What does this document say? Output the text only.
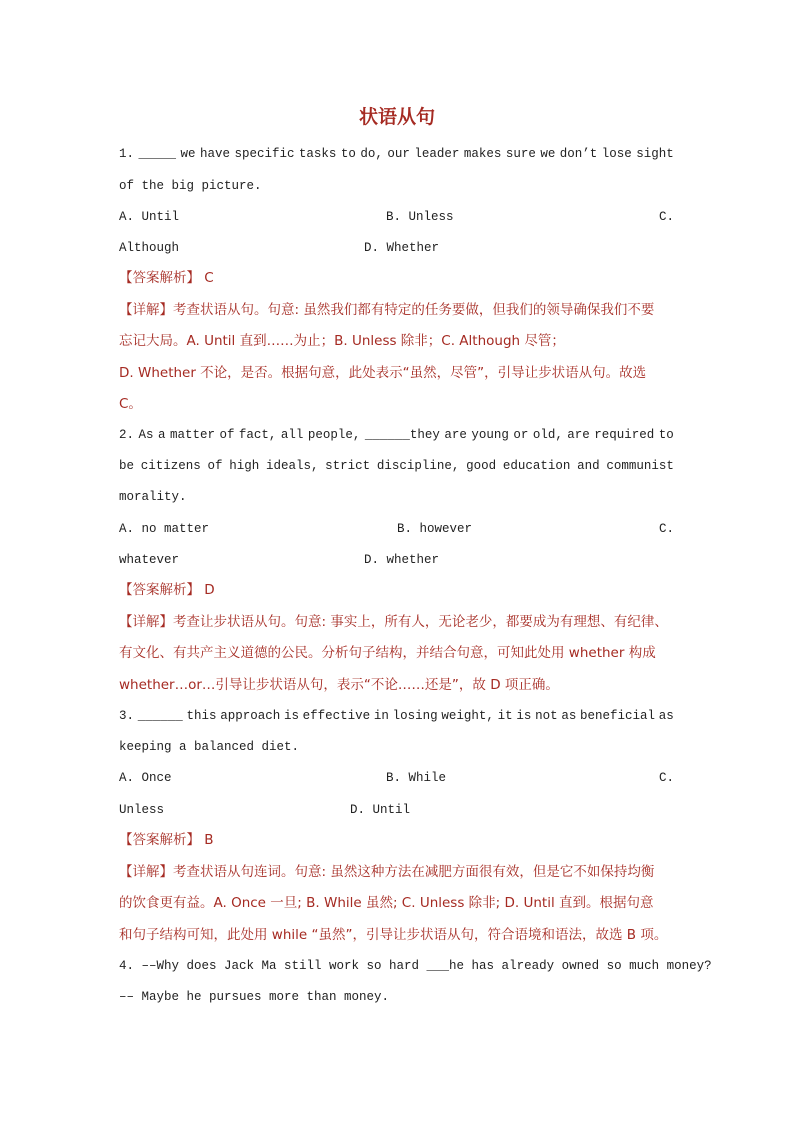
状语从句
1. _____ we have specific tasks to do, our leader makes sure we don’t lose sight
of the big picture.
A. Until	B. Unless	C.
Although	D. Whether
【答案解析】 C
【详解】考查状语从句。句意: 虽然我们都有特定的任务要做，但我们的领导确保我们不要
忘记大局。A. Until 直到……为止；B. Unless 除非；C. Although 尽管；
D. Whether 不论，是否。根据句意，此处表示“虽然，尽管”，引导让步状语从句。故选
C。
2. As a matter of fact, all people, ______they are young or old, are required to
be citizens of high ideals, strict discipline, good education and communist
morality.
A. no matter	B. however	C.
whatever	D. whether
【答案解析】 D
【详解】考查让步状语从句。句意: 事实上，所有人，无论老少，都要成为有理想、有纪律、
有文化、有共产主义道德的公民。分析句子结构，并结合句意，可知此处用 whether 构成
whether…or…引导让步状语从句，表示“不论……还是”，故 D 项正确。
3. ______ this approach is effective in losing weight, it is not as beneficial as
keeping a balanced diet.
A. Once	B. While	C.
Unless	D. Until
【答案解析】 B
【详解】考查状语从句连词。句意: 虽然这种方法在减肥方面很有效，但是它不如保持均衡
的饮食更有益。A. Once 一旦; B. While 虽然; C. Unless 除非; D. Until 直到。根据句意
和句子结构可知，此处用 while “虽然”，引导让步状语从句，符合语境和语法，故选 B 项。
4. ––Why does Jack Ma still work so hard ___he has already owned so much money?
–– Maybe he pursues more than money.
